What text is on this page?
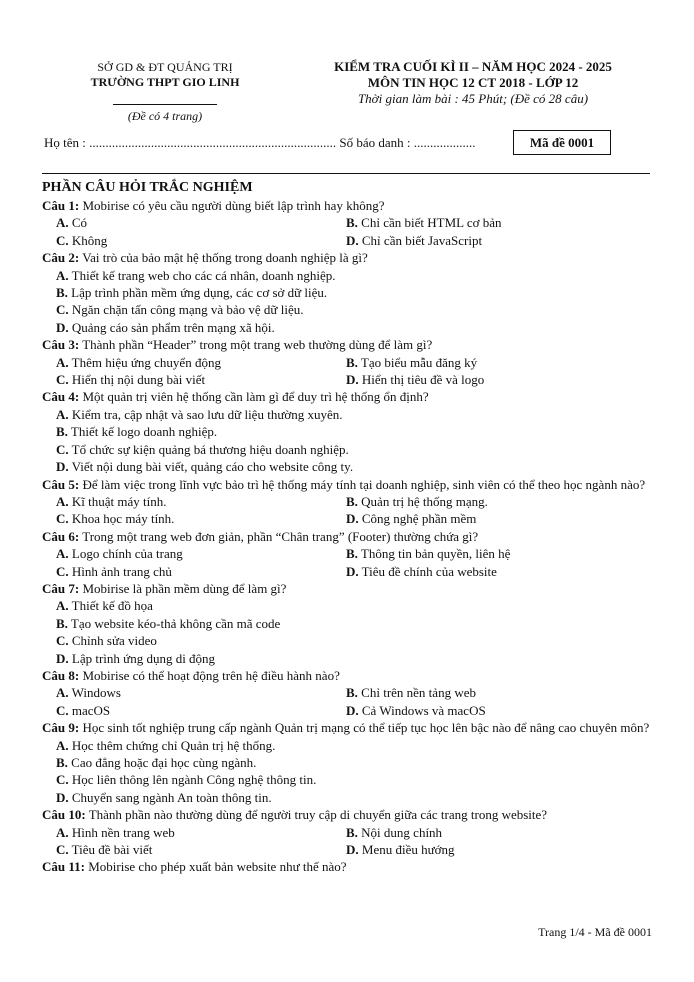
SỞ GD & ĐT QUẢNG TRỊ
TRƯỜNG THPT GIO LINH
(Đề có 4 trang)
KIỂM TRA CUỐI KÌ II – NĂM HỌC 2024 - 2025
MÔN TIN HỌC 12 CT 2018 - LỚP 12
Thời gian làm bài : 45 Phút; (Đề có 28 câu)
Họ tên : ............................................................................ Số báo danh : ...................	Mã đề 0001
PHẦN CÂU HỎI TRẮC NGHIỆM
Câu 1: Mobirise có yêu cầu người dùng biết lập trình hay không?
A. Có	B. Chỉ cần biết HTML cơ bản
C. Không	D. Chỉ cần biết JavaScript
Câu 2: Vai trò của bảo mật hệ thống trong doanh nghiệp là gì?
A. Thiết kế trang web cho các cá nhân, doanh nghiệp.
B. Lập trình phần mềm ứng dụng, các cơ sở dữ liệu.
C. Ngăn chặn tấn công mạng và bảo vệ dữ liệu.
D. Quảng cáo sản phẩm trên mạng xã hội.
Câu 3: Thành phần “Header” trong một trang web thường dùng để làm gì?
A. Thêm hiệu ứng chuyển động	B. Tạo biểu mẫu đăng ký
C. Hiển thị nội dung bài viết	D. Hiển thị tiêu đề và logo
Câu 4: Một quản trị viên hệ thống cần làm gì để duy trì hệ thống ổn định?
A. Kiểm tra, cập nhật và sao lưu dữ liệu thường xuyên.
B. Thiết kế logo doanh nghiệp.
C. Tổ chức sự kiện quảng bá thương hiệu doanh nghiệp.
D. Viết nội dung bài viết, quảng cáo cho website công ty.
Câu 5: Để làm việc trong lĩnh vực bảo trì hệ thống máy tính tại doanh nghiệp, sinh viên có thể theo học ngành nào?
A. Kĩ thuật máy tính.	B. Quản trị hệ thống mạng.
C. Khoa học máy tính.	D. Công nghệ phần mềm
Câu 6: Trong một trang web đơn giản, phần “Chân trang” (Footer) thường chứa gì?
A. Logo chính của trang	B. Thông tin bản quyền, liên hệ
C. Hình ảnh trang chủ	D. Tiêu đề chính của website
Câu 7: Mobirise là phần mềm dùng để làm gì?
A. Thiết kế đồ họa
B. Tạo website kéo-thả không cần mã code
C. Chỉnh sửa video
D. Lập trình ứng dụng di động
Câu 8: Mobirise có thể hoạt động trên hệ điều hành nào?
A. Windows	B. Chỉ trên nền tảng web
C. macOS	D. Cả Windows và macOS
Câu 9: Học sinh tốt nghiệp trung cấp ngành Quản trị mạng có thể tiếp tục học lên bậc nào để nâng cao chuyên môn?
A. Học thêm chứng chỉ Quản trị hệ thống.
B. Cao đẳng hoặc đại học cùng ngành.
C. Học liên thông lên ngành Công nghệ thông tin.
D. Chuyển sang ngành An toàn thông tin.
Câu 10: Thành phần nào thường dùng để người truy cập di chuyển giữa các trang trong website?
A. Hình nền trang web	B. Nội dung chính
C. Tiêu đề bài viết	D. Menu điều hướng
Câu 11: Mobirise cho phép xuất bản website như thế nào?
Trang 1/4 - Mã đề 0001
